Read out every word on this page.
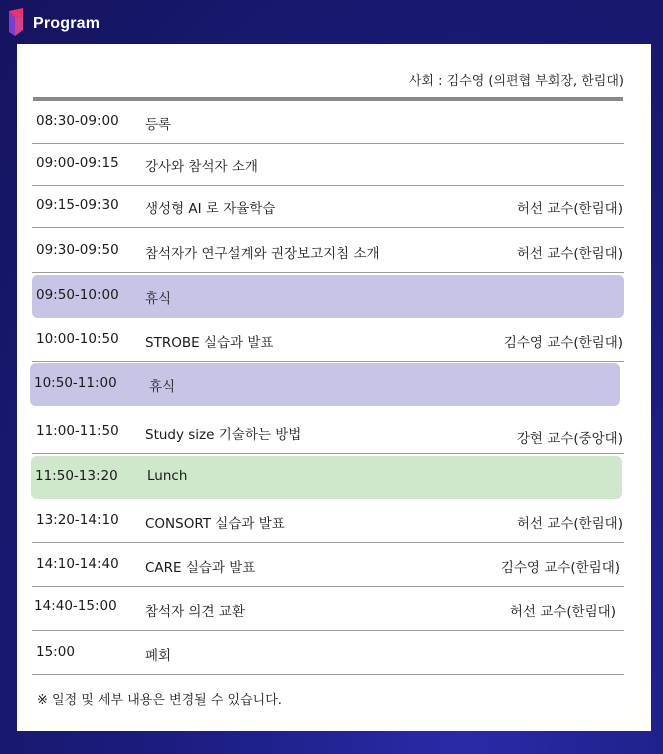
Program
사회 : 김수영 (의편협 부회장, 한림대)
08:30-09:00 등록
09:00-09:15 강사와 참석자 소개
09:15-09:30 생성형 AI 로 자율학습	허선 교수(한림대)
09:30-09:50 참석자가 연구설계와 권장보고지침 소개	허선 교수(한림대)
09:50-10:00 휴식
10:00-10:50 STROBE 실습과 발표	김수영 교수(한림대)
10:50-11:00 휴식
11:00-11:50 Study size 기술하는 방법	강현 교수(중앙대)
11:50-13:20 Lunch
13:20-14:10 CONSORT 실습과 발표	허선 교수(한림대)
14:10-14:40 CARE 실습과 발표	김수영 교수(한림대)
14:40-15:00 참석자 의견 교환	허선 교수(한림대)
15:00	폐회
※ 일정 및 세부 내용은 변경될 수 있습니다.
